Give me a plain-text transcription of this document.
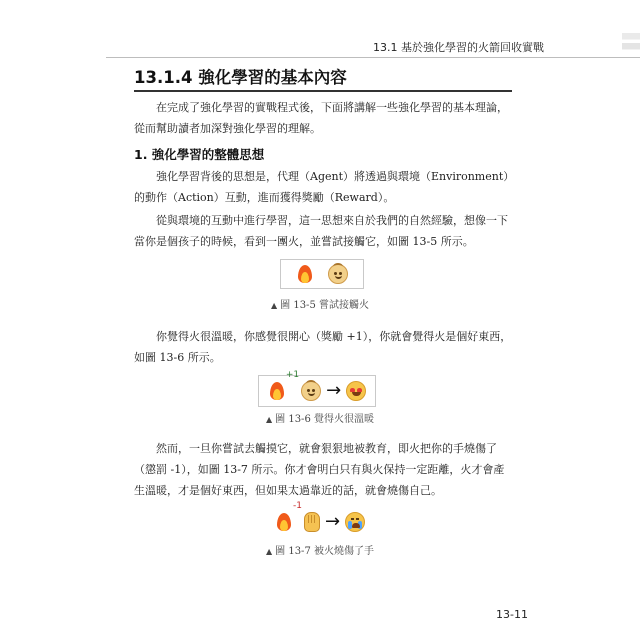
13.1 基於強化學習的火箭回收實戰
13.1.4 強化學習的基本內容

在完成了強化學習的實戰程式後，下面將講解一些強化學習的基本理論，從而幫助讀者加深對強化學習的理解。

1. 強化學習的整體思想

強化學習背後的思想是，代理（Agent）將透過與環境（Environment）的動作（Action）互動，進而獲得獎勵（Reward）。

從與環境的互動中進行學習，這一思想來自於我們的自然經驗，想像一下當你是個孩子的時候，看到一團火，並嘗試接觸它，如圖 13-5 所示。

▲ 圖 13-5 嘗試接觸火

你覺得火很溫暖，你感覺很開心（獎勵 +1），你就會覺得火是個好東西，如圖 13-6 所示。

+1
→
▲ 圖 13-6 覺得火很溫暖

然而，一旦你嘗試去觸摸它，就會狠狠地被教育，即火把你的手燒傷了（懲罰 -1），如圖 13-7 所示。你才會明白只有與火保持一定距離，火才會產生溫暖，才是個好東西，但如果太過靠近的話，就會燒傷自己。

-1
→
▲ 圖 13-7 被火燒傷了手
13-11
